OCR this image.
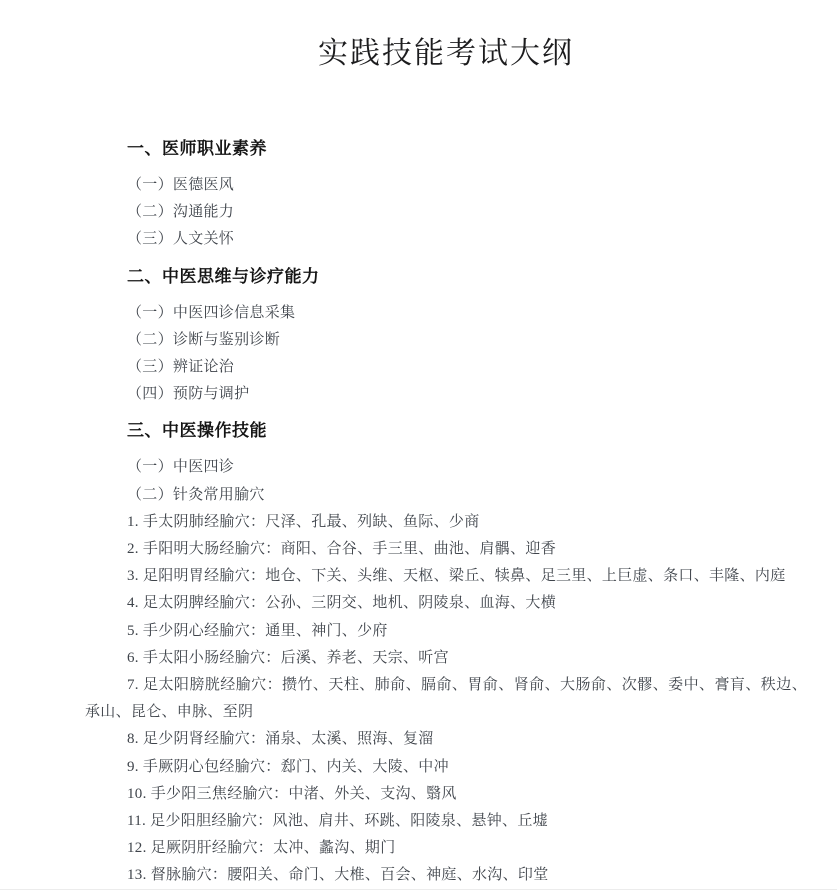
实践技能考试大纲
一、医师职业素养

（一）医德医风

（二）沟通能力

（三）人文关怀

二、中医思维与诊疗能力

（一）中医四诊信息采集

（二）诊断与鉴别诊断

（三）辨证论治

（四）预防与调护

三、中医操作技能

（一）中医四诊

（二）针灸常用腧穴

1. 手太阴肺经腧穴：尺泽、孔最、列缺、鱼际、少商

2. 手阳明大肠经腧穴：商阳、合谷、手三里、曲池、肩髃、迎香

3. 足阳明胃经腧穴：地仓、下关、头维、天枢、梁丘、犊鼻、足三里、上巨虚、条口、丰隆、内庭

4. 足太阴脾经腧穴：公孙、三阴交、地机、阴陵泉、血海、大横

5. 手少阴心经腧穴：通里、神门、少府

6. 手太阳小肠经腧穴：后溪、养老、天宗、听宫

7. 足太阳膀胱经腧穴：攒竹、天柱、肺俞、膈俞、胃俞、肾俞、大肠俞、次髎、委中、膏肓、秩边、承山、昆仑、申脉、至阴

8. 足少阴肾经腧穴：涌泉、太溪、照海、复溜

9. 手厥阴心包经腧穴：郄门、内关、大陵、中冲

10. 手少阳三焦经腧穴：中渚、外关、支沟、翳风

11. 足少阳胆经腧穴：风池、肩井、环跳、阳陵泉、悬钟、丘墟

12. 足厥阴肝经腧穴：太冲、蠡沟、期门

13. 督脉腧穴：腰阳关、命门、大椎、百会、神庭、水沟、印堂
